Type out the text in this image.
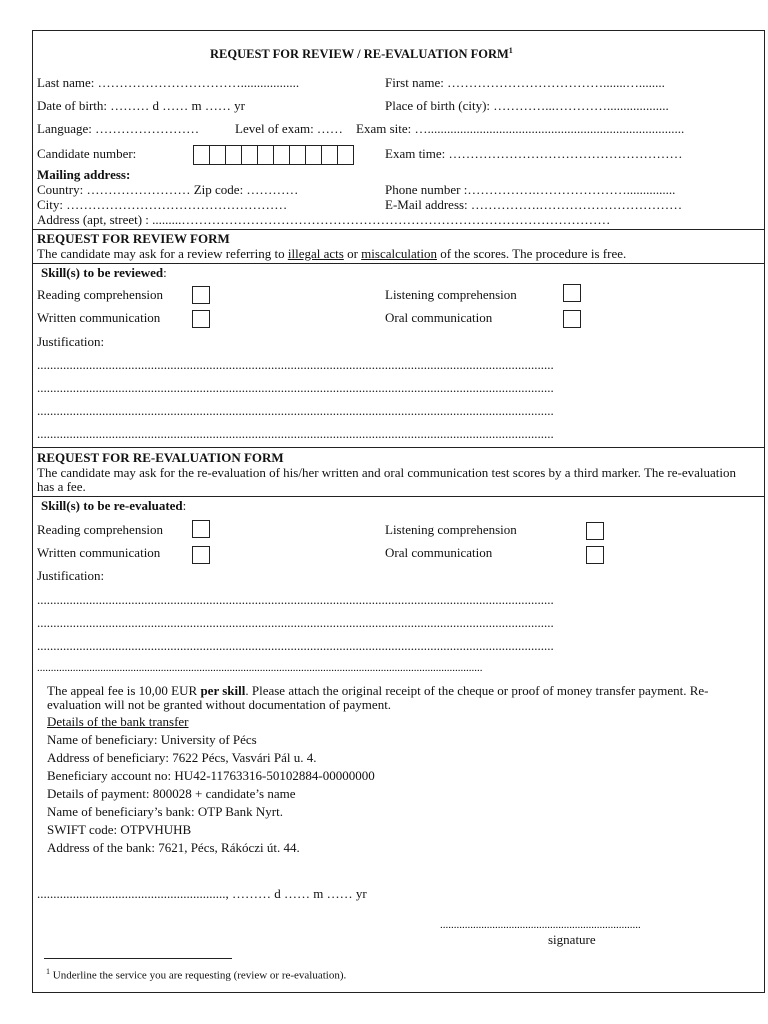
REQUEST FOR REVIEW / RE-EVALUATION FORM$^1$
Last name: ……………………………..................	First name: ……………………………….......…........
Date of birth: ……… d …… m …… yr	Place of birth (city): …………...…………...................
Language: ……………………	Level of exam: …… Exam site: …...............................................................................
Candidate number:	Exam time: ………………………………………………
Mailing address:
Country: …………………… Zip code: …………	Phone number :…………….…………………...............
City: ……………………………………………	E-Mail address: …………….……………………………
Address (apt, street) : .........………………………………………………………………………………………
REQUEST FOR REVIEW FORM
The candidate may ask for a review referring to illegal acts or miscalculation of the scores. The procedure is free.
Skill(s) to be reviewed:
Reading comprehension	Listening comprehension
Written communication	Oral communication
Justification:
...............................................................................................................................................................
...............................................................................................................................................................
...............................................................................................................................................................
...............................................................................................................................................................
REQUEST FOR RE-EVALUATION FORM
The candidate may ask for the re-evaluation of his/her written and oral communication test scores by a third marker. The re-evaluation has a fee.
Skill(s) to be re-evaluated:
Reading comprehension	Listening comprehension
Written communication	Oral communication
Justification:
...............................................................................................................................................................
...............................................................................................................................................................
...............................................................................................................................................................
..................................................................................................................................................................
The appeal fee is 10,00 EUR per skill. Please attach the original receipt of the cheque or proof of money transfer payment. Re-evaluation will not be granted without documentation of payment.
Details of the bank transfer
Name of beneficiary: University of Pécs
Address of beneficiary: 7622 Pécs, Vasvári Pál u. 4.
Beneficiary account no: HU42-11763316-50102884-00000000
Details of payment: 800028 + candidate’s name
Name of beneficiary’s bank: OTP Bank Nyrt.
SWIFT code: OTPVHUHB
Address of the bank: 7621, Pécs, Rákóczi út. 44.
.........................................................., ……… d …… m …… yr
.........................................................................
signature
$^1$ Underline the service you are requesting (review or re-evaluation).
